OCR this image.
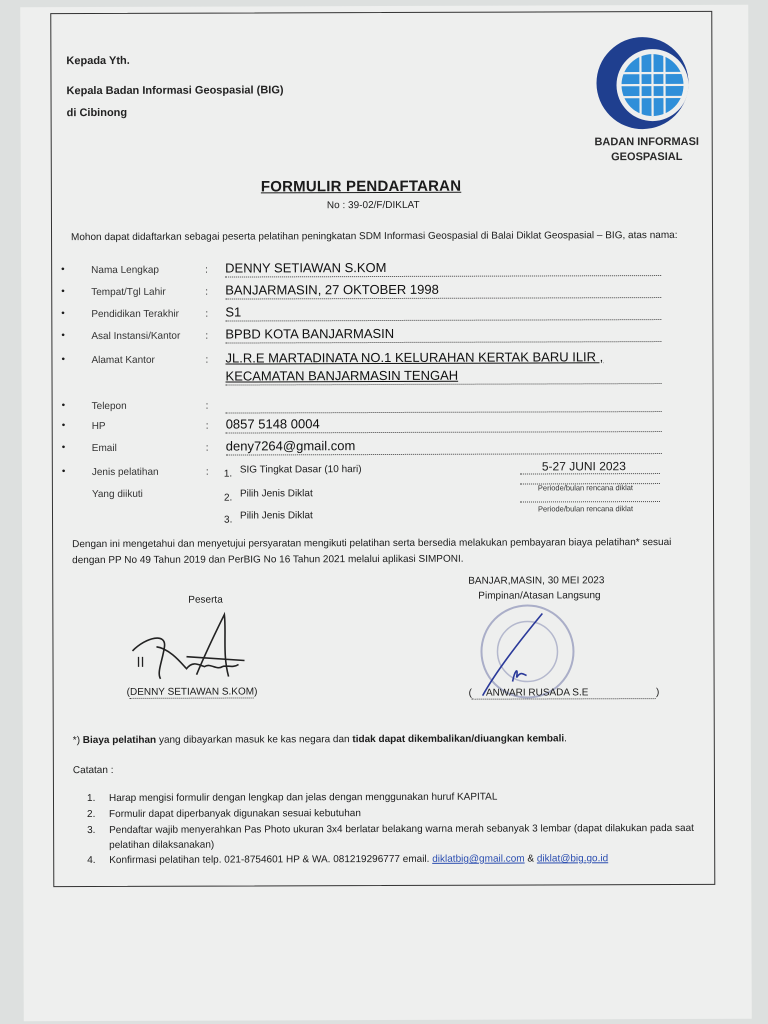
Kepada Yth.
Kepala Badan Informasi Geospasial (BIG)
di Cibinong
BADAN INFORMASI
GEOSPASIAL
FORMULIR PENDAFTARAN
No : 39-02/F/DIKLAT
Mohon dapat didaftarkan sebagai peserta pelatihan peningkatan SDM Informasi Geospasial di Balai Diklat Geospasial – BIG, atas nama:
•	Nama Lengkap	: DENNY SETIAWAN S.KOM
•	Tempat/Tgl Lahir	: BANJARMASIN, 27 OKTOBER 1998
•	Pendidikan Terakhir	: S1
•	Asal Instansi/Kantor	: BPBD KOTA BANJARMASIN
•	Alamat Kantor	: JL.R.E MARTADINATA NO.1 KELURAHAN KERTAK BARU ILIR ,
KECAMATAN BANJARMASIN TENGAH
•	Telepon	:
•	HP	: 0857 5148 0004
•	Email	: deny7264@gmail.com
•	Jenis pelatihan
Yang diikuti
: 1. SIG Tingkat Dasar (10 hari)	5-27 JUNI 2023
2. Pilih Jenis Diklat
Periode/bulan rencana diklat
3. Pilih Jenis Diklat
Periode/bulan rencana diklat
Dengan ini mengetahui dan menyetujui persyaratan mengikuti pelatihan serta bersedia melakukan pembayaran biaya pelatihan* sesuai dengan PP No 49 Tahun 2019 dan PerBIG No 16 Tahun 2021 melalui aplikasi SIMPONI.
BANJAR,MASIN, 30 MEI 2023
Peserta	Pimpinan/Atasan Langsung
(DENNY SETIAWAN S.KOM)	( ANWARI RUSADA S.E	)
*) Biaya pelatihan yang dibayarkan masuk ke kas negara dan tidak dapat dikembalikan/diuangkan kembali.
Catatan :
1.	Harap mengisi formulir dengan lengkap dan jelas dengan menggunakan huruf KAPITAL
2.	Formulir dapat diperbanyak digunakan sesuai kebutuhan
3.	Pendaftar wajib menyerahkan Pas Photo ukuran 3x4 berlatar belakang warna merah sebanyak 3 lembar (dapat dilakukan pada saat pelatihan dilaksanakan)
4.	Konfirmasi pelatihan telp. 021-8754601 HP & WA. 081219296777 email. diklatbig@gmail.com & diklat@big.go.id
